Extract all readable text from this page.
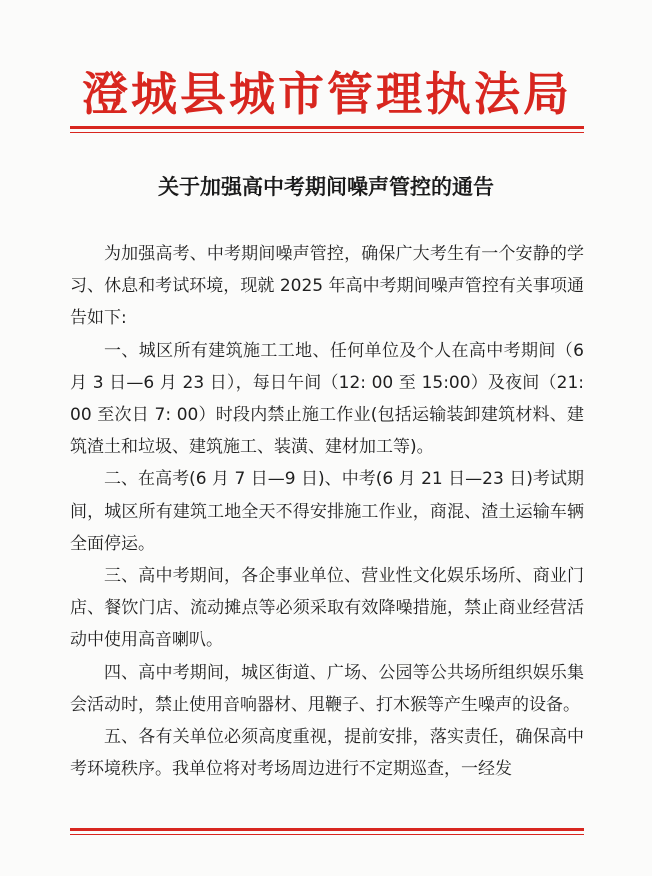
澄城县城市管理执法局
关于加强高中考期间噪声管控的通告

为加强高考、中考期间噪声管控，确保广大考生有一个安静的学习、休息和考试环境，现就 2025 年高中考期间噪声管控有关事项通告如下:

一、城区所有建筑施工工地、任何单位及个人在高中考期间（6 月 3 日—6 月 23 日），每日午间（12: 00 至 15:00）及夜间（21: 00 至次日 7: 00）时段内禁止施工作业(包括运输装卸建筑材料、建筑渣土和垃圾、建筑施工、装潢、建材加工等)。

二、在高考(6 月 7 日—9 日)、中考(6 月 21 日—23 日)考试期间，城区所有建筑工地全天不得安排施工作业，商混、渣土运输车辆全面停运。

三、高中考期间，各企事业单位、营业性文化娱乐场所、商业门店、餐饮门店、流动摊点等必须采取有效降噪措施，禁止商业经营活动中使用高音喇叭。

四、高中考期间，城区街道、广场、公园等公共场所组织娱乐集会活动时，禁止使用音响器材、甩鞭子、打木猴等产生噪声的设备。

五、各有关单位必须高度重视，提前安排，落实责任，确保高中考环境秩序。我单位将对考场周边进行不定期巡查，一经发
